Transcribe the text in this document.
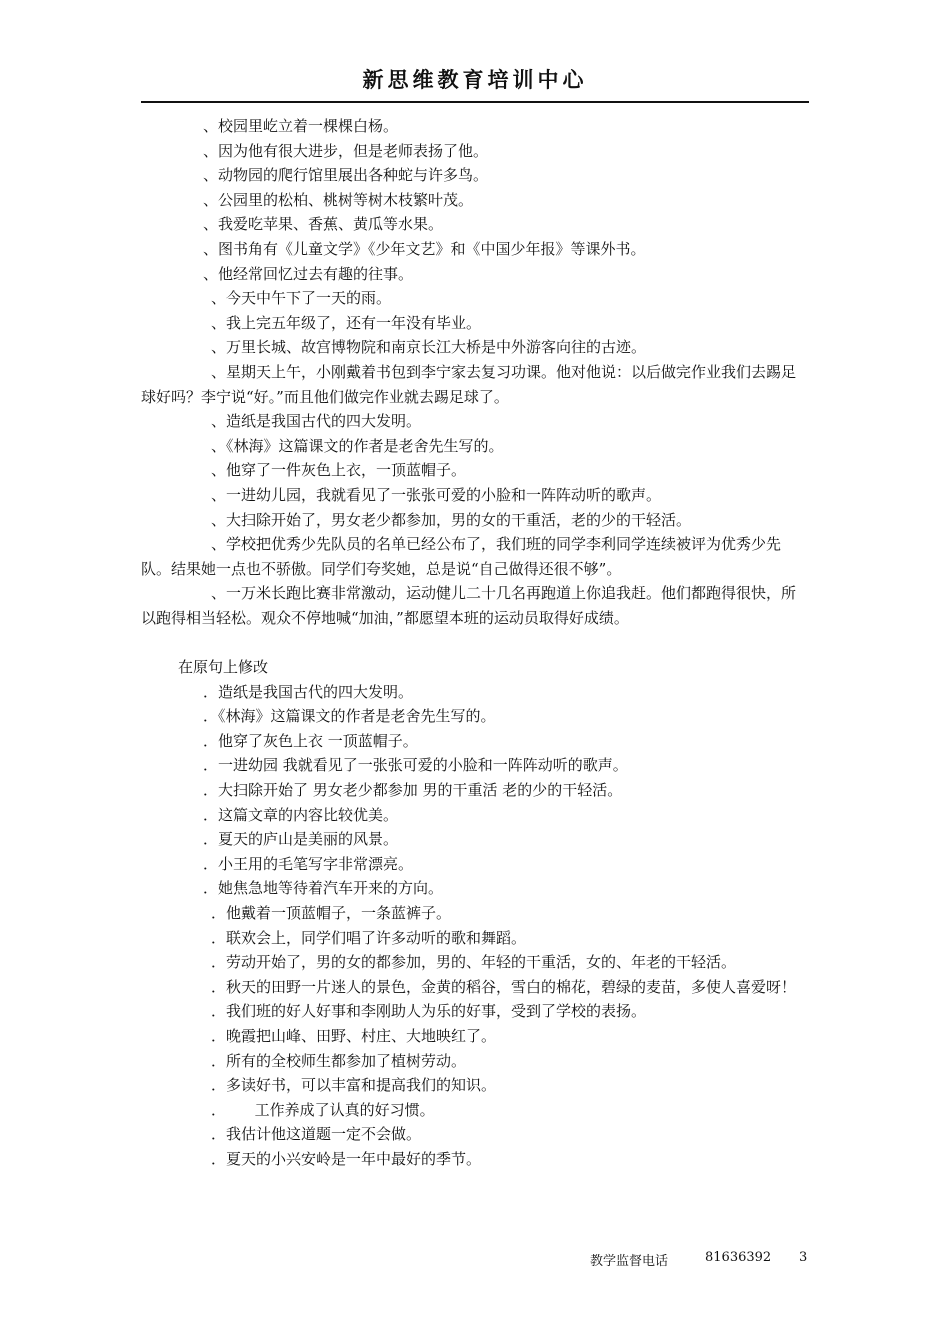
新思维教育培训中心

、校园里屹立着一棵棵白杨。

、因为他有很大进步，但是老师表扬了他。

、动物园的爬行馆里展出各种蛇与许多鸟。

、公园里的松柏、桃树等树木枝繁叶茂。

、我爱吃苹果、香蕉、黄瓜等水果。

、图书角有《儿童文学》《少年文艺》和《中国少年报》等课外书。

、他经常回忆过去有趣的往事。

、今天中午下了一天的雨。

、我上完五年级了，还有一年没有毕业。

、万里长城、故宫博物院和南京长江大桥是中外游客向往的古迹。

、星期天上午，小刚戴着书包到李宁家去复习功课。他对他说：以后做完作业我们去踢足球好吗？李宁说“好。”而且他们做完作业就去踢足球了。

、造纸是我国古代的四大发明。

、《林海》这篇课文的作者是老舍先生写的。

、他穿了一件灰色上衣，一顶蓝帽子。

、一进幼儿园，我就看见了一张张可爱的小脸和一阵阵动听的歌声。

、大扫除开始了，男女老少都参加，男的女的干重活，老的少的干轻活。

、学校把优秀少先队员的名单已经公布了，我们班的同学李利同学连续被评为优秀少先队。结果她一点也不骄傲。同学们夸奖她，总是说“自己做得还很不够”。

、一万米长跑比赛非常激动，运动健儿二十几名再跑道上你追我赶。他们都跑得很快，所以跑得相当轻松。观众不停地喊“加油，”都愿望本班的运动员取得好成绩。

在原句上修改

．造纸是我国古代的四大发明。

．《林海》这篇课文的作者是老舍先生写的。

．他穿了灰色上衣 一顶蓝帽子。

．一进幼园 我就看见了一张张可爱的小脸和一阵阵动听的歌声。

．大扫除开始了 男女老少都参加 男的干重活 老的少的干轻活。

．这篇文章的内容比较优美。

．夏天的庐山是美丽的风景。

．小王用的毛笔写字非常漂亮。

．她焦急地等待着汽车开来的方向。

．他戴着一顶蓝帽子，一条蓝裤子。

．联欢会上，同学们唱了许多动听的歌和舞蹈。

．劳动开始了，男的女的都参加，男的、年轻的干重活，女的、年老的干轻活。

．秋天的田野一片迷人的景色，金黄的稻谷，雪白的棉花，碧绿的麦苗，多使人喜爱呀！

．我们班的好人好事和李刚助人为乐的好事，受到了学校的表扬。

．晚霞把山峰、田野、村庄、大地映红了。

．所有的全校师生都参加了植树劳动。

．多读好书，可以丰富和提高我们的知识。

．      工作养成了认真的好习惯。

．我估计他这道题一定不会做。

．夏天的小兴安岭是一年中最好的季节。

教学监督电话	81636392 3
